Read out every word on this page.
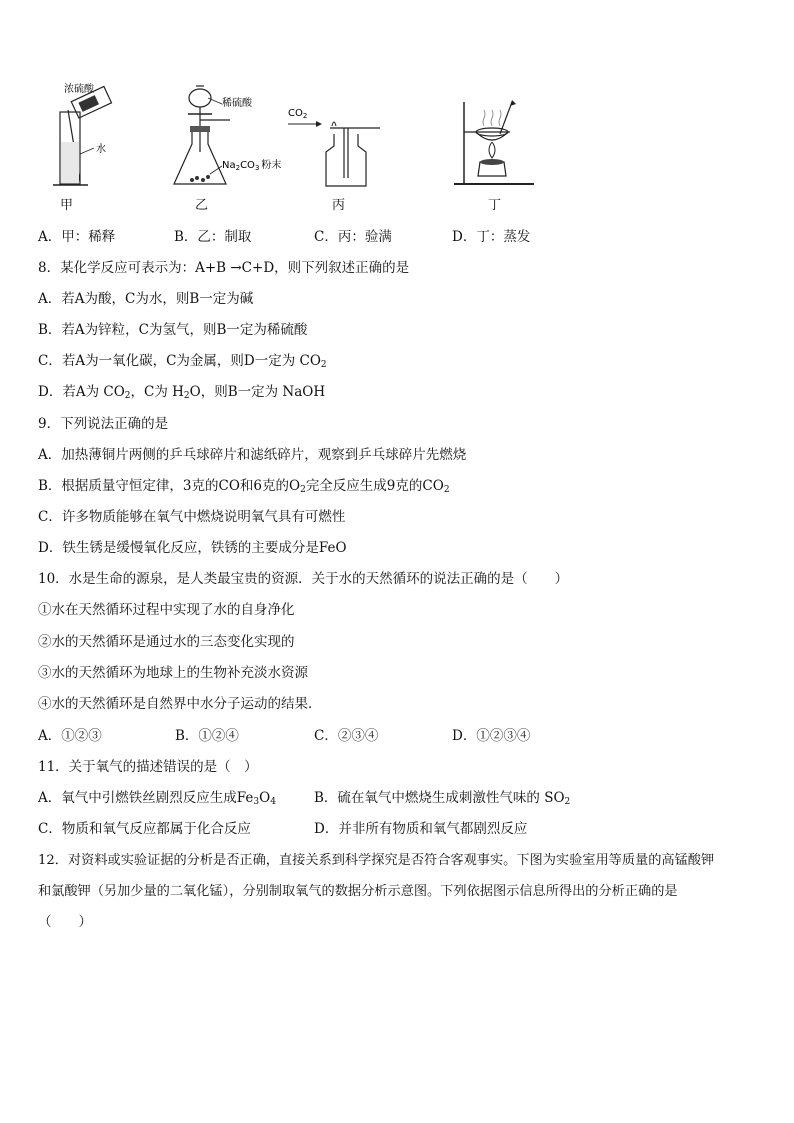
浓硫酸
水
稀硫酸
$Na_2CO_3$ 粉末
$CO_2$
甲	乙	丙	丁
A．甲：稀释	B．乙：制取	C．丙：验满	D．丁：蒸发
8．某化学反应可表示为：A+B →C+D，则下列叙述正确的是
A．若A为酸，C为水，则B一定为碱
B．若A为锌粒，C为氢气，则B一定为稀硫酸
C．若A为一氧化碳，C为金属，则D一定为 $CO_2$
D．若A为 $CO_2$，C为 $H_2O$，则B一定为 NaOH
9．下列说法正确的是
A．加热薄铜片两侧的乒乓球碎片和滤纸碎片，观察到乒乓球碎片先燃烧
B．根据质量守恒定律，3克的CO和6克的$O_2$完全反应生成9克的$CO_2$
C．许多物质能够在氧气中燃烧说明氧气具有可燃性
D．铁生锈是缓慢氧化反应，铁锈的主要成分是FeO
10．水是生命的源泉，是人类最宝贵的资源．关于水的天然循环的说法正确的是（　　）
①水在天然循环过程中实现了水的自身净化
②水的天然循环是通过水的三态变化实现的
③水的天然循环为地球上的生物补充淡水资源
④水的天然循环是自然界中水分子运动的结果．
A．①②③	B．①②④	C．②③④	D．①②③④
11．关于氧气的描述错误的是（　）
A．氧气中引燃铁丝剧烈反应生成$Fe_3O_4$	B．硫在氧气中燃烧生成刺激性气味的 $SO_2$
C．物质和氧气反应都属于化合反应	D．并非所有物质和氧气都剧烈反应
12．对资料或实验证据的分析是否正确，直接关系到科学探究是否符合客观事实。下图为实验室用等质量的高锰酸钾
和氯酸钾（另加少量的二氧化锰），分别制取氧气的数据分析示意图。下列依据图示信息所得出的分析正确的是
（　　）
